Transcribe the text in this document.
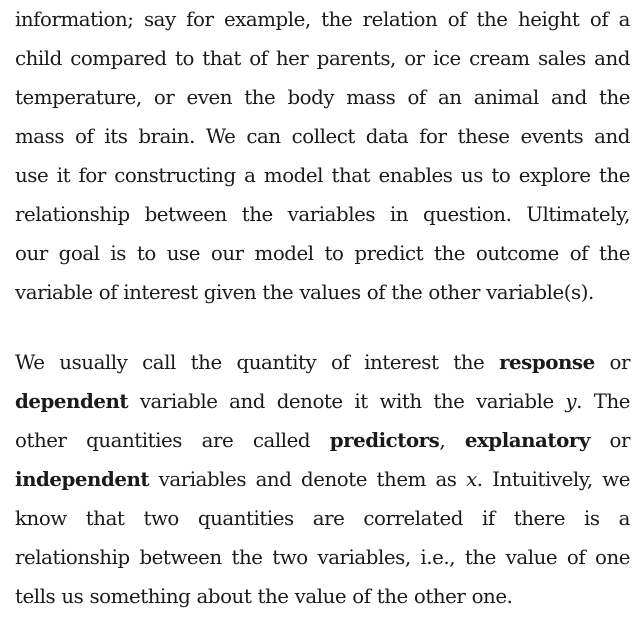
information; say for example, the relation of the height of a
child compared to that of her parents, or ice cream sales and
temperature, or even the body mass of an animal and the
mass of its brain. We can collect data for these events and
use it for constructing a model that enables us to explore the
relationship between the variables in question. Ultimately,
our goal is to use our model to predict the outcome of the
variable of interest given the values of the other variable(s).

We usually call the quantity of interest the response or
dependent variable and denote it with the variable y. The
other quantities are called predictors, explanatory or
independent variables and denote them as x. Intuitively, we
know that two quantities are correlated if there is a
relationship between the two variables, i.e., the value of one
tells us something about the value of the other one.
